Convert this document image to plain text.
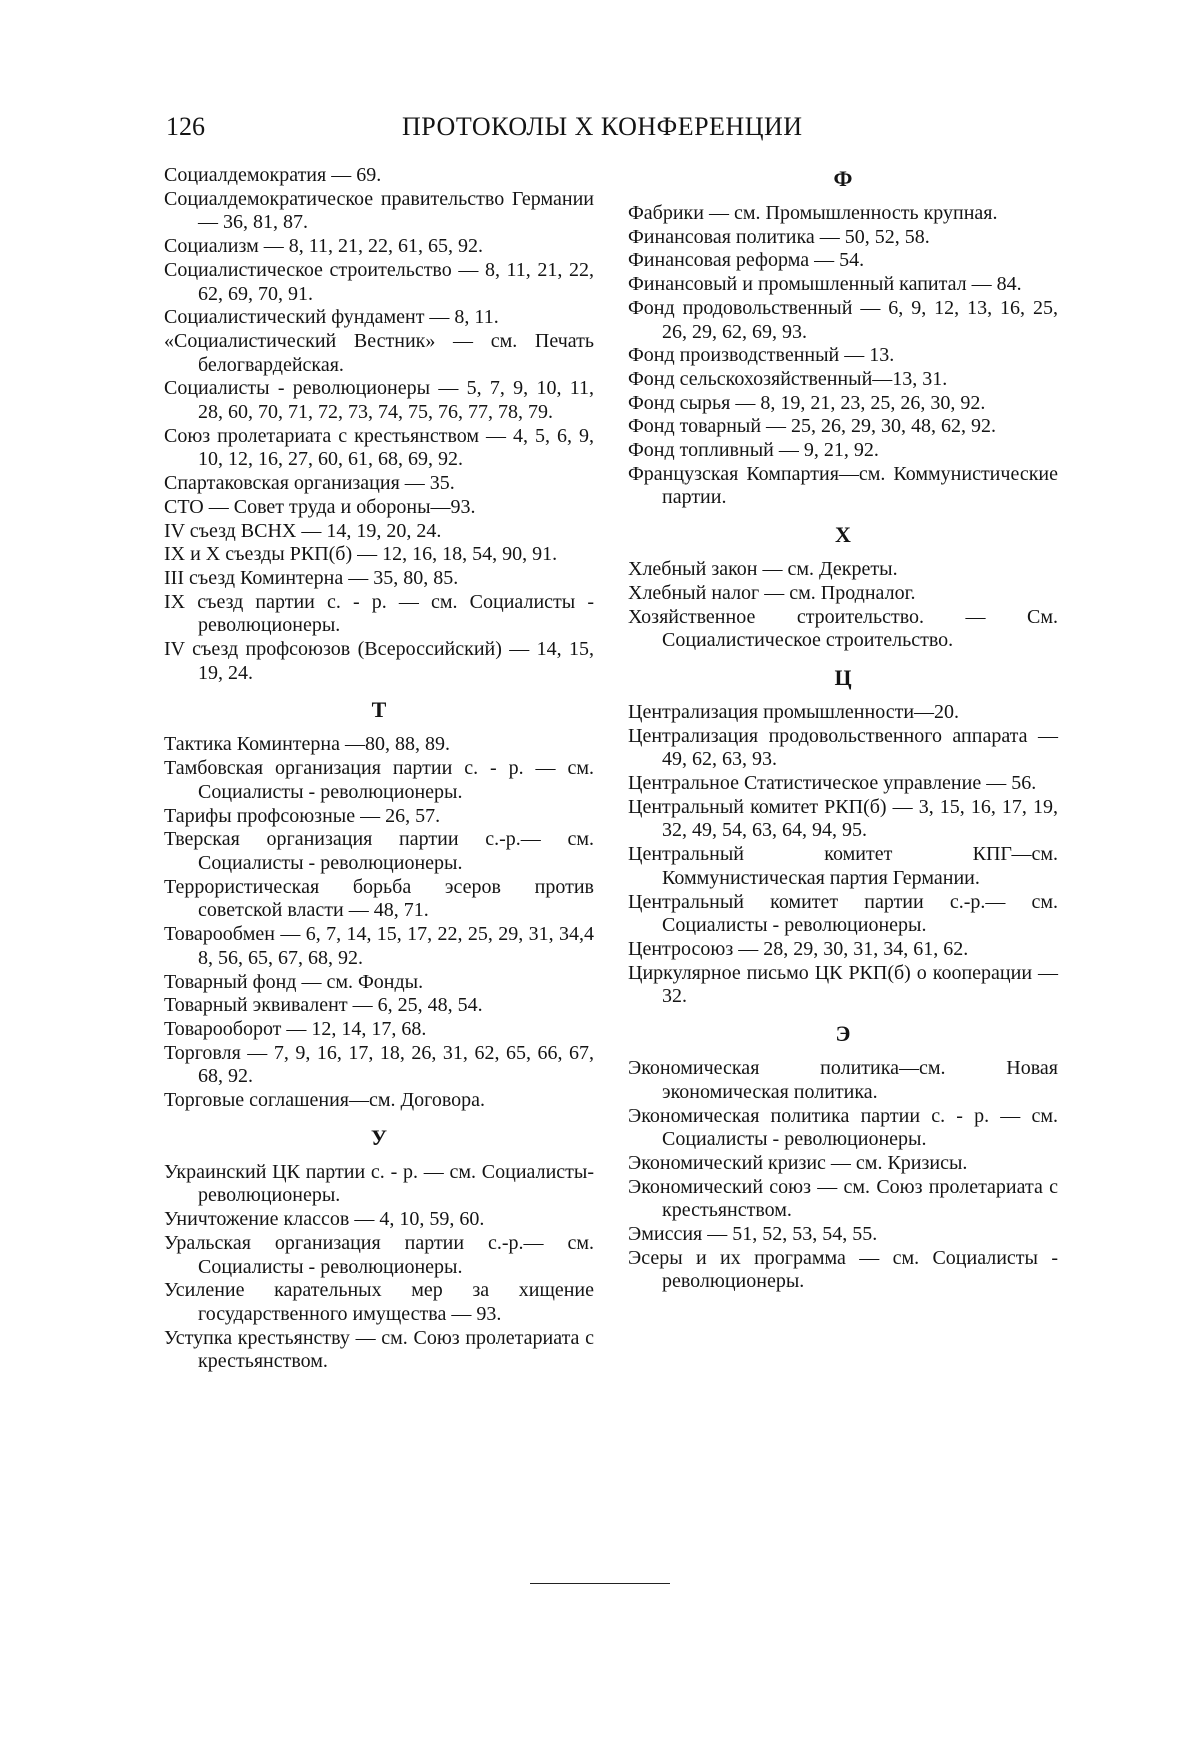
126	ПРОТОКОЛЫ Х КОНФЕРЕНЦИИ

Социалдемократия — 69.

Социалдемократическое правительство Германии — 36, 81, 87.

Социализм — 8, 11, 21, 22, 61, 65, 92.

Социалистическое строительство — 8, 11, 21, 22, 62, 69, 70, 91.

Социалистический фундамент — 8, 11.

«Социалистический Вестник» — см. Печать белогвардейская.

Социалисты - революционеры — 5, 7, 9, 10, 11, 28, 60, 70, 71, 72, 73, 74, 75, 76, 77, 78, 79.

Союз пролетариата с крестьянством — 4, 5, 6, 9, 10, 12, 16, 27, 60, 61, 68, 69, 92.

Спартаковская организация — 35.

СТО — Совет труда и обороны—93.

IV съезд ВСНХ — 14, 19, 20, 24.

IX и X съезды РКП(б) — 12, 16, 18, 54, 90, 91.

III съезд Коминтерна — 35, 80, 85.

IX съезд партии с. - р. — см. Социалисты - революционеры.

IV съезд профсоюзов (Всероссийский) — 14, 15, 19, 24.

Т

Тактика Коминтерна —80, 88, 89.

Тамбовская организация партии с. - р. — см. Социалисты - революционеры.

Тарифы профсоюзные — 26, 57.

Тверская организация партии с.-р.— см. Социалисты - революционеры.

Террористическая борьба эсеров против советской власти — 48, 71.

Товарообмен — 6, 7, 14, 15, 17, 22, 25, 29, 31, 34,4 8, 56, 65, 67, 68, 92.

Товарный фонд — см. Фонды.

Товарный эквивалент — 6, 25, 48, 54.

Товарооборот — 12, 14, 17, 68.

Торговля — 7, 9, 16, 17, 18, 26, 31, 62, 65, 66, 67, 68, 92.

Торговые соглашения—см. Договора.

У

Украинский ЦК партии с. - р. — см. Социалисты-революционеры.

Уничтожение классов — 4, 10, 59, 60.

Уральская организация партии с.-р.— см. Социалисты - революционеры.

Усиление карательных мер за хищение государственного имущества — 93.

Уступка крестьянству — см. Союз пролетариата с крестьянством.

Ф

Фабрики — см. Промышленность крупная.

Финансовая политика — 50, 52, 58.

Финансовая реформа — 54.

Финансовый и промышленный капитал — 84.

Фонд продовольственный — 6, 9, 12, 13, 16, 25, 26, 29, 62, 69, 93.

Фонд производственный — 13.

Фонд сельскохозяйственный—13, 31.

Фонд сырья — 8, 19, 21, 23, 25, 26, 30, 92.

Фонд товарный — 25, 26, 29, 30, 48, 62, 92.

Фонд топливный — 9, 21, 92.

Французская Компартия—см. Коммунистические партии.

Х

Хлебный закон — см. Декреты.

Хлебный налог — см. Продналог.

Хозяйственное строительство. — См. Социалистическое строительство.

Ц

Централизация промышленности—20.

Централизация продовольственного аппарата — 49, 62, 63, 93.

Центральное Статистическое управление — 56.

Центральный комитет РКП(б) — 3, 15, 16, 17, 19, 32, 49, 54, 63, 64, 94, 95.

Центральный комитет КПГ—см. Коммунистическая партия Германии.

Центральный комитет партии с.-р.— см. Социалисты - революционеры.

Центросоюз — 28, 29, 30, 31, 34, 61, 62.

Циркулярное письмо ЦК РКП(б) о кооперации — 32.

Э

Экономическая политика—см. Новая экономическая политика.

Экономическая политика партии с. - р. — см. Социалисты - революционеры.

Экономический кризис — см. Кризисы.

Экономический союз — см. Союз пролетариата с крестьянством.

Эмиссия — 51, 52, 53, 54, 55.

Эсеры и их программа — см. Социалисты - революционеры.
